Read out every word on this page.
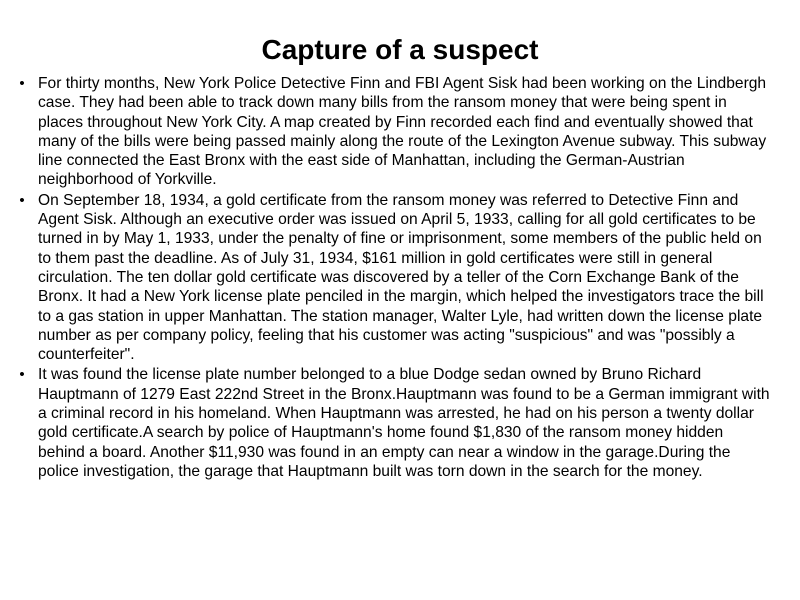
Capture of a suspect
• For thirty months, New York Police Detective Finn and FBI Agent Sisk had been working on the Lindbergh case. They had been able to track down many bills from the ransom money that were being spent in places throughout New York City. A map created by Finn recorded each find and eventually showed that many of the bills were being passed mainly along the route of the Lexington Avenue subway. This subway line connected the East Bronx with the east side of Manhattan, including the German-Austrian neighborhood of Yorkville.
• On September 18, 1934, a gold certificate from the ransom money was referred to Detective Finn and Agent Sisk. Although an executive order was issued on April 5, 1933, calling for all gold certificates to be turned in by May 1, 1933, under the penalty of fine or imprisonment, some members of the public held on to them past the deadline. As of July 31, 1934, $161 million in gold certificates were still in general circulation. The ten dollar gold certificate was discovered by a teller of the Corn Exchange Bank of the Bronx. It had a New York license plate penciled in the margin, which helped the investigators trace the bill to a gas station in upper Manhattan. The station manager, Walter Lyle, had written down the license plate number as per company policy, feeling that his customer was acting "suspicious" and was "possibly a counterfeiter".
• It was found the license plate number belonged to a blue Dodge sedan owned by Bruno Richard Hauptmann of 1279 East 222nd Street in the Bronx.Hauptmann was found to be a German immigrant with a criminal record in his homeland. When Hauptmann was arrested, he had on his person a twenty dollar gold certificate.A search by police of Hauptmann's home found $1,830 of the ransom money hidden behind a board. Another $11,930 was found in an empty can near a window in the garage.During the police investigation, the garage that Hauptmann built was torn down in the search for the money.
